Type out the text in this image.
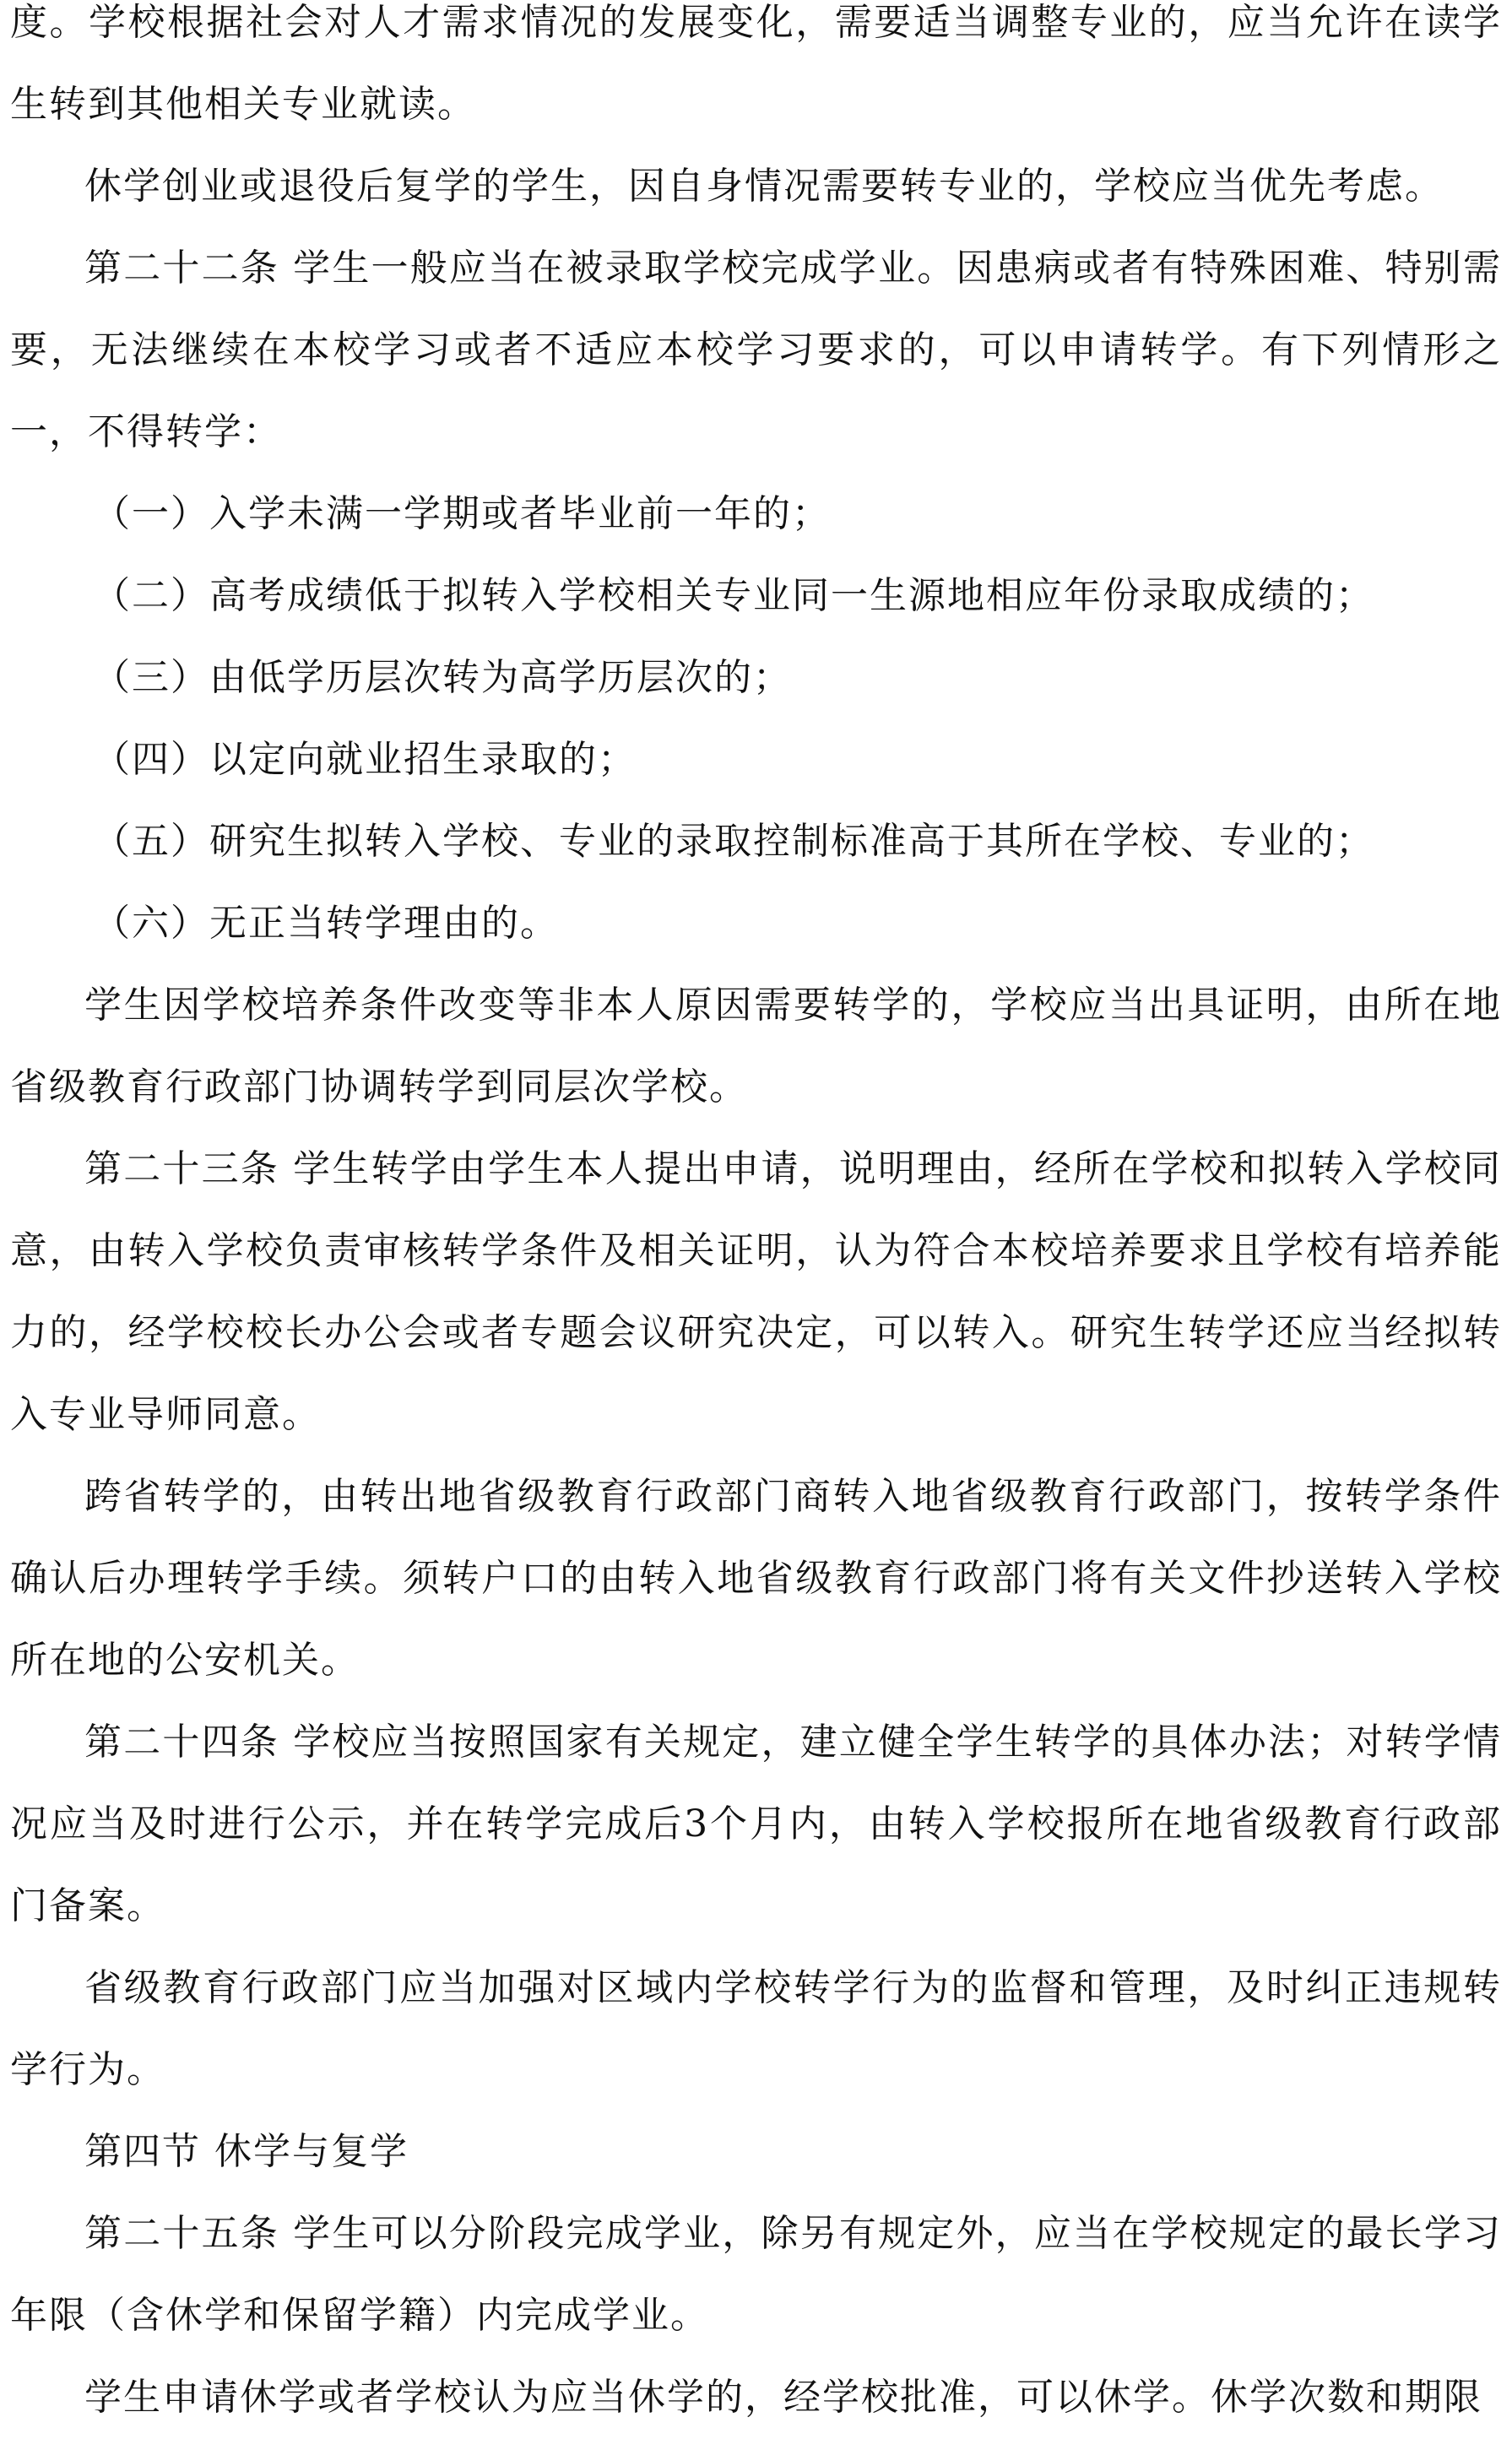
度。学校根据社会对人才需求情况的发展变化，需要适当调整专业的，应当允许在读学生转到其他相关专业就读。

休学创业或退役后复学的学生，因自身情况需要转专业的，学校应当优先考虑。

第二十二条 学生一般应当在被录取学校完成学业。因患病或者有特殊困难、特别需要，无法继续在本校学习或者不适应本校学习要求的，可以申请转学。有下列情形之一，不得转学：

（一）入学未满一学期或者毕业前一年的；

（二）高考成绩低于拟转入学校相关专业同一生源地相应年份录取成绩的；

（三）由低学历层次转为高学历层次的；

（四）以定向就业招生录取的；

（五）研究生拟转入学校、专业的录取控制标准高于其所在学校、专业的；

（六）无正当转学理由的。

学生因学校培养条件改变等非本人原因需要转学的，学校应当出具证明，由所在地省级教育行政部门协调转学到同层次学校。

第二十三条 学生转学由学生本人提出申请，说明理由，经所在学校和拟转入学校同意，由转入学校负责审核转学条件及相关证明，认为符合本校培养要求且学校有培养能力的，经学校校长办公会或者专题会议研究决定，可以转入。研究生转学还应当经拟转入专业导师同意。

跨省转学的，由转出地省级教育行政部门商转入地省级教育行政部门，按转学条件确认后办理转学手续。须转户口的由转入地省级教育行政部门将有关文件抄送转入学校所在地的公安机关。

第二十四条 学校应当按照国家有关规定，建立健全学生转学的具体办法；对转学情况应当及时进行公示，并在转学完成后3个月内，由转入学校报所在地省级教育行政部门备案。

省级教育行政部门应当加强对区域内学校转学行为的监督和管理，及时纠正违规转学行为。

第四节 休学与复学

第二十五条 学生可以分阶段完成学业，除另有规定外，应当在学校规定的最长学习年限（含休学和保留学籍）内完成学业。

学生申请休学或者学校认为应当休学的，经学校批准，可以休学。休学次数和期限
